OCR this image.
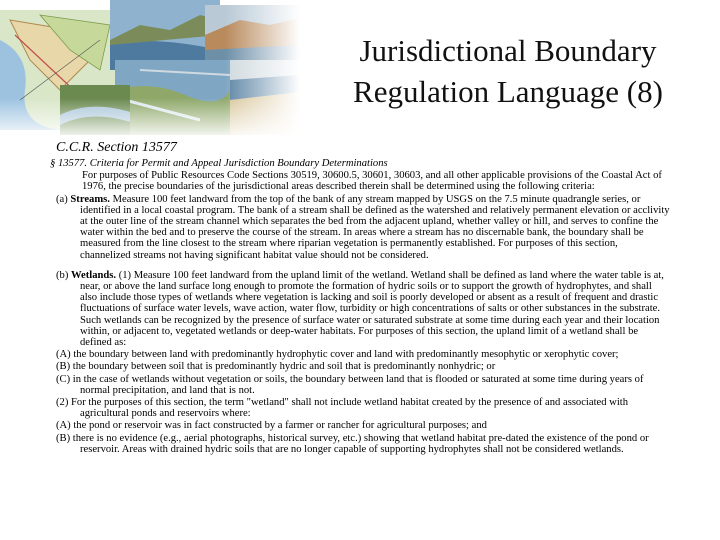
Jurisdictional Boundary
Regulation Language (8)
C.C.R. Section 13577
§ 13577. Criteria for Permit and Appeal Jurisdiction Boundary Determinations
For purposes of Public Resources Code Sections 30519, 30600.5, 30601, 30603, and all other applicable provisions of the Coastal Act of 1976, the precise boundaries of the jurisdictional areas described therein shall be determined using the following criteria:
(a) Streams. Measure 100 feet landward from the top of the bank of any stream mapped by USGS on the 7.5 minute quadrangle series, or identified in a local coastal program. The bank of a stream shall be defined as the watershed and relatively permanent elevation or acclivity at the outer line of the stream channel which separates the bed from the adjacent upland, whether valley or hill, and serves to confine the water within the bed and to preserve the course of the stream. In areas where a stream has no discernable bank, the boundary shall be measured from the line closest to the stream where riparian vegetation is permanently established. For purposes of this section, channelized streams not having significant habitat value should not be considered.
(b) Wetlands. (1) Measure 100 feet landward from the upland limit of the wetland. Wetland shall be defined as land where the water table is at, near, or above the land surface long enough to promote the formation of hydric soils or to support the growth of hydrophytes, and shall also include those types of wetlands where vegetation is lacking and soil is poorly developed or absent as a result of frequent and drastic fluctuations of surface water levels, wave action, water flow, turbidity or high concentrations of salts or other substances in the substrate. Such wetlands can be recognized by the presence of surface water or saturated substrate at some time during each year and their location within, or adjacent to, vegetated wetlands or deep-water habitats. For purposes of this section, the upland limit of a wetland shall be defined as:
(A) the boundary between land with predominantly hydrophytic cover and land with predominantly mesophytic or xerophytic cover;
(B) the boundary between soil that is predominantly hydric and soil that is predominantly nonhydric; or
(C) in the case of wetlands without vegetation or soils, the boundary between land that is flooded or saturated at some time during years of normal precipitation, and land that is not.
(2) For the purposes of this section, the term "wetland" shall not include wetland habitat created by the presence of and associated with agricultural ponds and reservoirs where:
(A) the pond or reservoir was in fact constructed by a farmer or rancher for agricultural purposes; and
(B) there is no evidence (e.g., aerial photographs, historical survey, etc.) showing that wetland habitat pre-dated the existence of the pond or reservoir. Areas with drained hydric soils that are no longer capable of supporting hydrophytes shall not be considered wetlands.
